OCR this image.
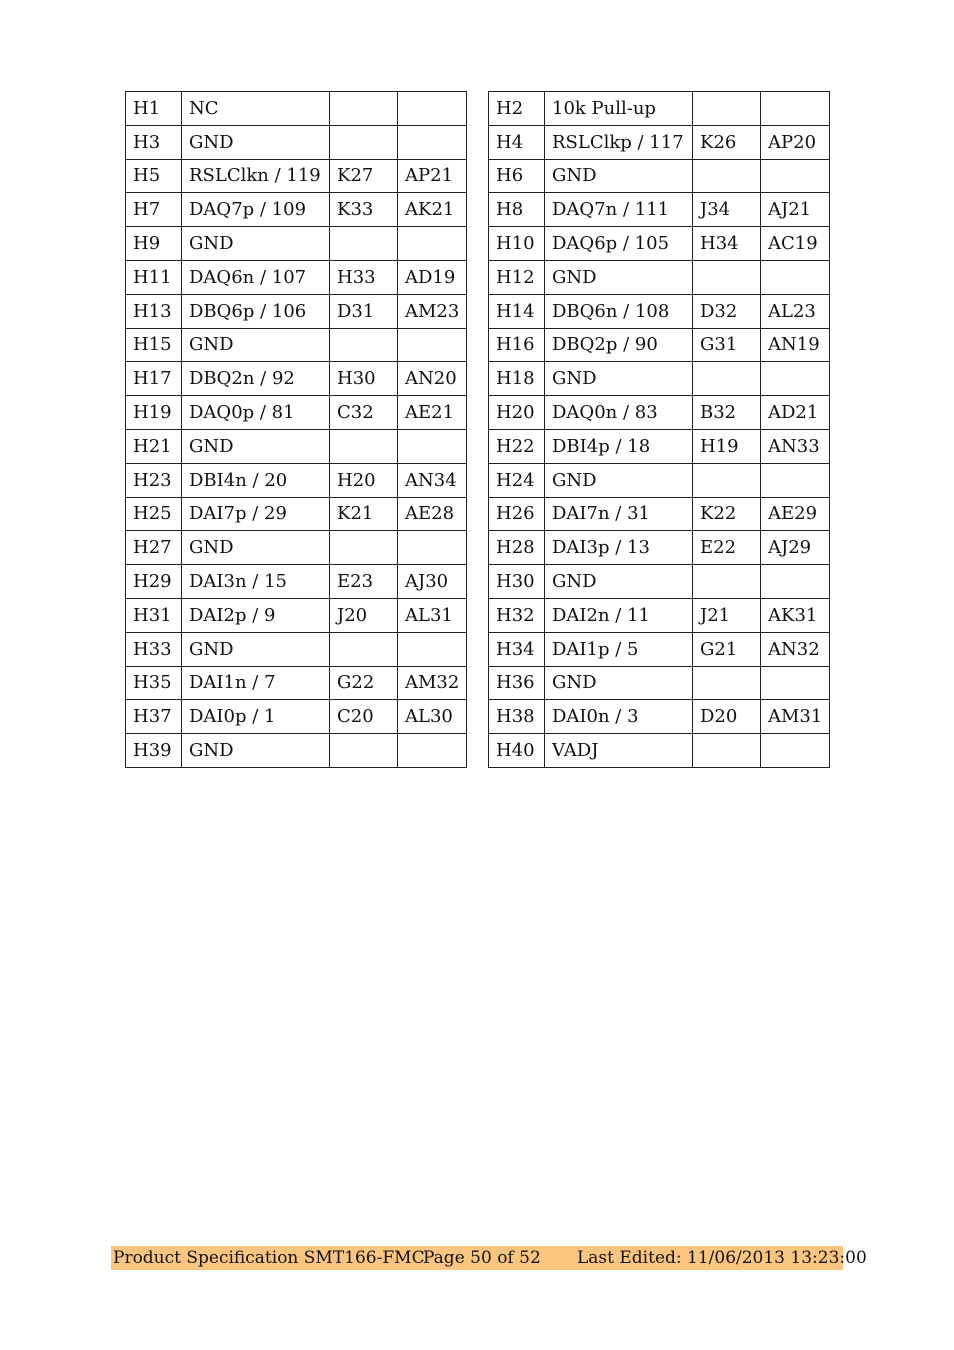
H1	NC		
H3	GND		
H5	RSLClkn / 119	K27	AP21
H7	DAQ7p / 109	K33	AK21
H9	GND		
H11	DAQ6n / 107	H33	AD19
H13	DBQ6p / 106	D31	AM23
H15	GND		
H17	DBQ2n / 92	H30	AN20
H19	DAQ0p / 81	C32	AE21
H21	GND		
H23	DBI4n / 20	H20	AN34
H25	DAI7p / 29	K21	AE28
H27	GND		
H29	DAI3n / 15	E23	AJ30
H31	DAI2p / 9	J20	AL31
H33	GND		
H35	DAI1n / 7	G22	AM32
H37	DAI0p / 1	C20	AL30
H39	GND		
H2	10k Pull-up		
H4	RSLClkp / 117	K26	AP20
H6	GND		
H8	DAQ7n / 111	J34	AJ21
H10	DAQ6p / 105	H34	AC19
H12	GND		
H14	DBQ6n / 108	D32	AL23
H16	DBQ2p / 90	G31	AN19
H18	GND		
H20	DAQ0n / 83	B32	AD21
H22	DBI4p / 18	H19	AN33
H24	GND		
H26	DAI7n / 31	K22	AE29
H28	DAI3p / 13	E22	AJ29
H30	GND		
H32	DAI2n / 11	J21	AK31
H34	DAI1p / 5	G21	AN32
H36	GND		
H38	DAI0n / 3	D20	AM31
H40	VADJ		
Product Specification SMT166-FMC
Page 50 of 52 Last Edited: 11/06/2013 13:23:00
